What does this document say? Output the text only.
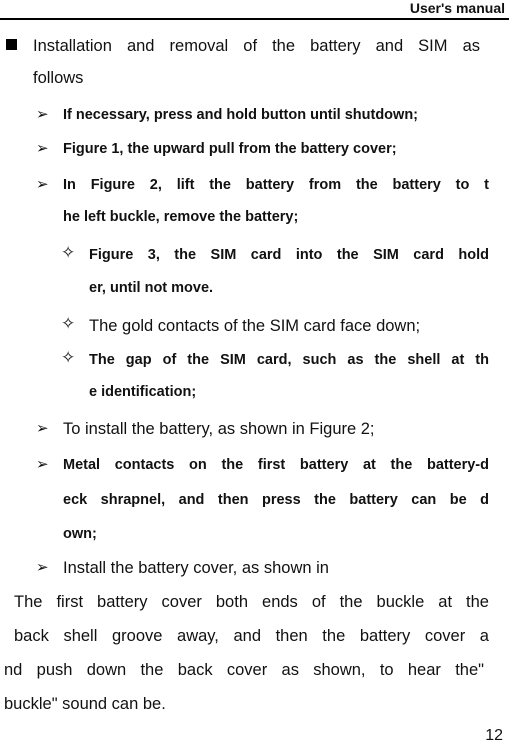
User's manual
Installation and removal of the battery and SIM as
follows
➢ If necessary, press and hold button until shutdown;
➢ Figure 1, the upward pull from the battery cover;
➢ In Figure 2, lift the battery from the battery to t
he left buckle, remove the battery;
✧ Figure 3, the SIM card into the SIM card hold
er, until not move.
✧ The gold contacts of the SIM card face down;
✧ The gap of the SIM card, such as the shell at th
e identification;
➢ To install the battery, as shown in Figure 2;
➢ Metal contacts on the first battery at the battery-d
eck shrapnel, and then press the battery can be d
own;
➢ Install the battery cover, as shown in
The first battery cover both ends of the buckle at the
back shell groove away, and then the battery cover a
nd push down the back cover as shown, to hear the"
buckle" sound can be.
12
